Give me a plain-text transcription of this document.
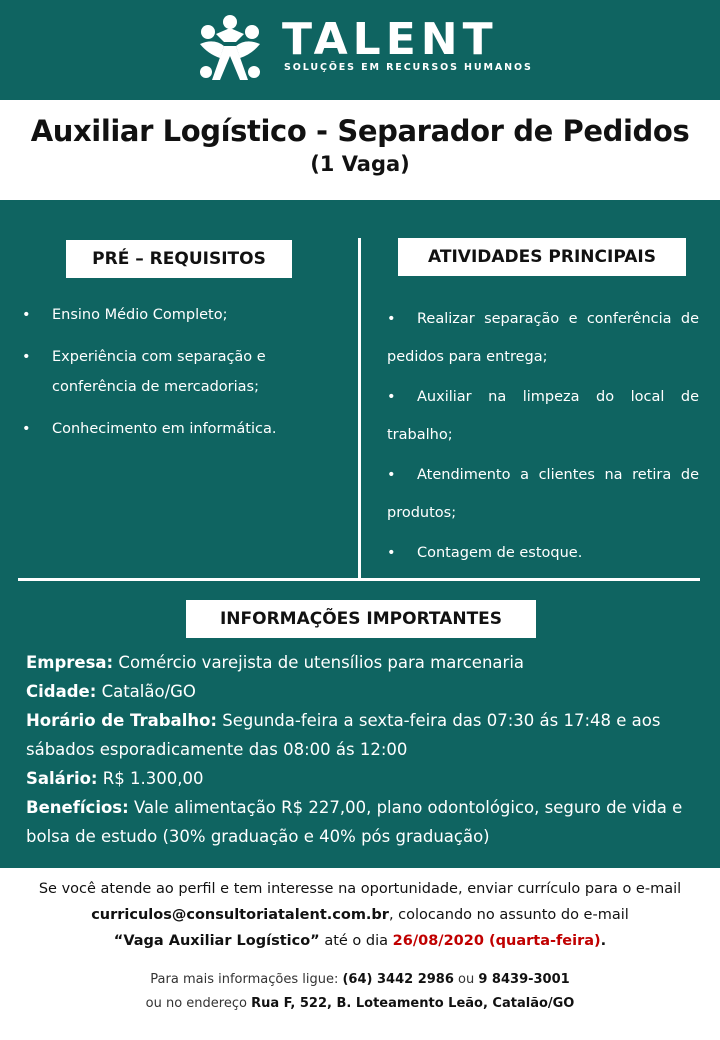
TALENT
SOLUÇÕES EM RECURSOS HUMANOS
Auxiliar Logístico - Separador de Pedidos
(1 Vaga)
PRÉ – REQUISITOS	ATIVIDADES PRINCIPAIS
• Ensino Médio Completo;
• Experiência com separação e conferência de mercadorias;
• Conhecimento em informática.
• Realizar separação e conferência de pedidos para entrega;
• Auxiliar na limpeza do local de trabalho;
• Atendimento a clientes na retira de produtos;
• Contagem de estoque.
INFORMAÇÕES IMPORTANTES
Empresa: Comércio varejista de utensílios para marcenaria
Cidade: Catalão/GO
Horário de Trabalho: Segunda-feira a sexta-feira das 07:30 ás 17:48 e aos sábados esporadicamente das 08:00 ás 12:00
Salário: R$ 1.300,00
Benefícios: Vale alimentação R$ 227,00, plano odontológico, seguro de vida e bolsa de estudo (30% graduação e 40% pós graduação)
Se você atende ao perfil e tem interesse na oportunidade, enviar currículo para o e-mail curriculos@consultoriatalent.com.br, colocando no assunto do e-mail
“Vaga Auxiliar Logístico” até o dia 26/08/2020 (quarta-feira).
Para mais informações ligue: (64) 3442 2986 ou 9 8439-3001
ou no endereço Rua F, 522, B. Loteamento Leão, Catalão/GO
